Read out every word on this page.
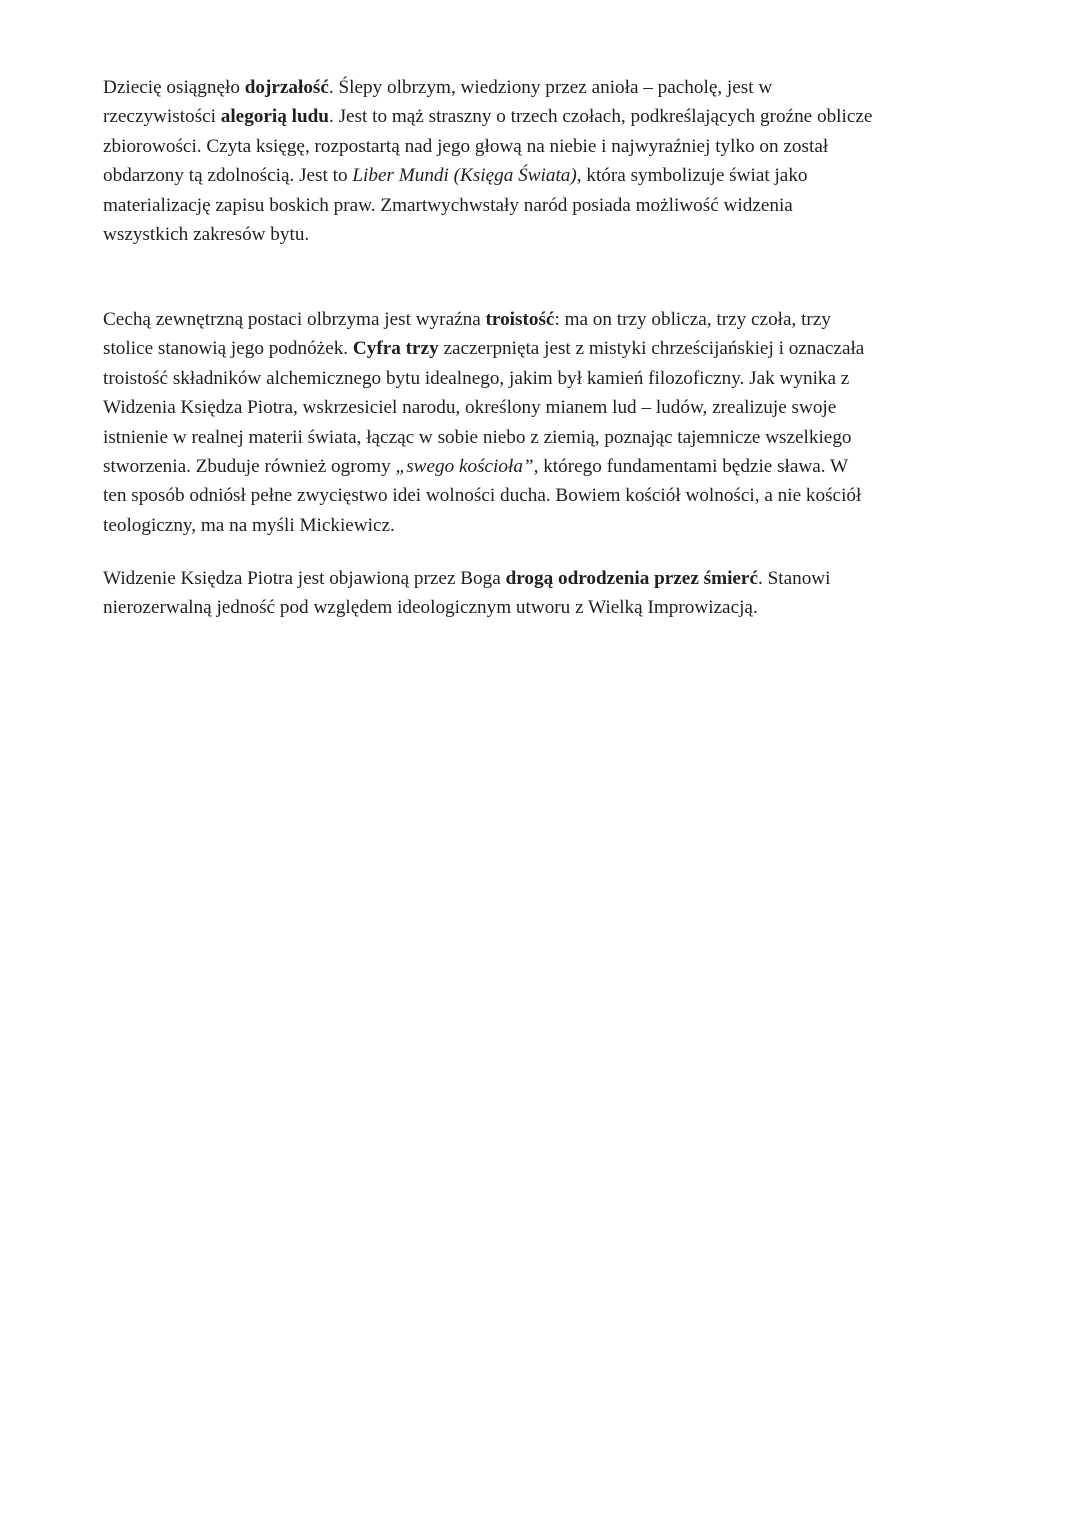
Dziecię osiągnęło dojrzałość. Ślepy olbrzym, wiedziony przez anioła – pacholę, jest w
rzeczywistości alegorią ludu. Jest to mąż straszny o trzech czołach, podkreślających groźne oblicze
zbiorowości. Czyta księgę, rozpostartą nad jego głową na niebie i najwyraźniej tylko on został
obdarzony tą zdolnością. Jest to Liber Mundi (Księga Świata), która symbolizuje świat jako
materializację zapisu boskich praw. Zmartwychwstały naród posiada możliwość widzenia
wszystkich zakresów bytu.

Cechą zewnętrzną postaci olbrzyma jest wyraźna troistość: ma on trzy oblicza, trzy czoła, trzy
stolice stanowią jego podnóżek. Cyfra trzy zaczerpnięta jest z mistyki chrześcijańskiej i oznaczała
troistość składników alchemicznego bytu idealnego, jakim był kamień filozoficzny. Jak wynika z
Widzenia Księdza Piotra, wskrzesiciel narodu, określony mianem lud – ludów, zrealizuje swoje
istnienie w realnej materii świata, łącząc w sobie niebo z ziemią, poznając tajemnicze wszelkiego
stworzenia. Zbuduje również ogromy „swego kościoła”, którego fundamentami będzie sława. W
ten sposób odniósł pełne zwycięstwo idei wolności ducha. Bowiem kościół wolności, a nie kościół
teologiczny, ma na myśli Mickiewicz.

Widzenie Księdza Piotra jest objawioną przez Boga drogą odrodzenia przez śmierć. Stanowi
nierozerwalną jedność pod względem ideologicznym utworu z Wielką Improwizacją.
